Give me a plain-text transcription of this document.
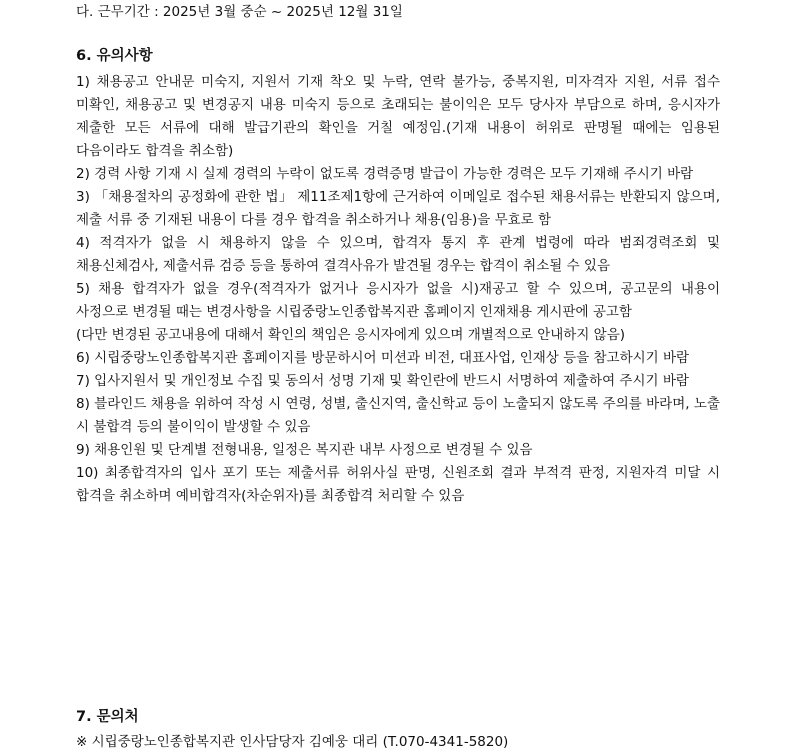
다. 근무기간 : 2025년 3월 중순 ~ 2025년 12월 31일
6. 유의사항

1) 채용공고 안내문 미숙지, 지원서 기재 착오 및 누락, 연락 불가능, 중복지원, 미자격자 지원, 서류 접수 미확인, 채용공고 및 변경공지 내용 미숙지 등으로 초래되는 불이익은 모두 당사자 부담으로 하며, 응시자가 제출한 모든 서류에 대해 발급기관의 확인을 거칠 예정임.(기재 내용이 허위로 판명될 때에는 임용된 다음이라도 합격을 취소함)

2) 경력 사항 기재 시 실제 경력의 누락이 없도록 경력증명 발급이 가능한 경력은 모두 기재해 주시기 바람

3) 「채용절차의 공정화에 관한 법」 제11조제1항에 근거하여 이메일로 접수된 채용서류는 반환되지 않으며, 제출 서류 중 기재된 내용이 다를 경우 합격을 취소하거나 채용(임용)을 무효로 함

4) 적격자가 없을 시 채용하지 않을 수 있으며, 합격자 통지 후 관계 법령에 따라 범죄경력조회 및 채용신체검사, 제출서류 검증 등을 통하여 결격사유가 발견될 경우는 합격이 취소될 수 있음

5) 채용 합격자가 없을 경우(적격자가 없거나 응시자가 없을 시)재공고 할 수 있으며, 공고문의 내용이 사정으로 변경될 때는 변경사항을 시립중랑노인종합복지관 홈페이지 인재채용 게시판에 공고함

(다만 변경된 공고내용에 대해서 확인의 책임은 응시자에게 있으며 개별적으로 안내하지 않음)

6) 시립중랑노인종합복지관 홈페이지를 방문하시어 미션과 비전, 대표사업, 인재상 등을 참고하시기 바람

7) 입사지원서 및 개인정보 수집 및 동의서 성명 기재 및 확인란에 반드시 서명하여 제출하여 주시기 바람

8) 블라인드 채용을 위하여 작성 시 연령, 성별, 출신지역, 출신학교 등이 노출되지 않도록 주의를 바라며, 노출 시 불합격 등의 불이익이 발생할 수 있음

9) 채용인원 및 단계별 전형내용, 일정은 복지관 내부 사정으로 변경될 수 있음

10) 최종합격자의 입사 포기 또는 제출서류 허위사실 판명, 신원조회 결과 부적격 판정, 지원자격 미달 시 합격을 취소하며 예비합격자(차순위자)를 최종합격 처리할 수 있음

7. 문의처
※ 시립중랑노인종합복지관 인사담당자 김예웅 대리 (T.070-4341-5820)
